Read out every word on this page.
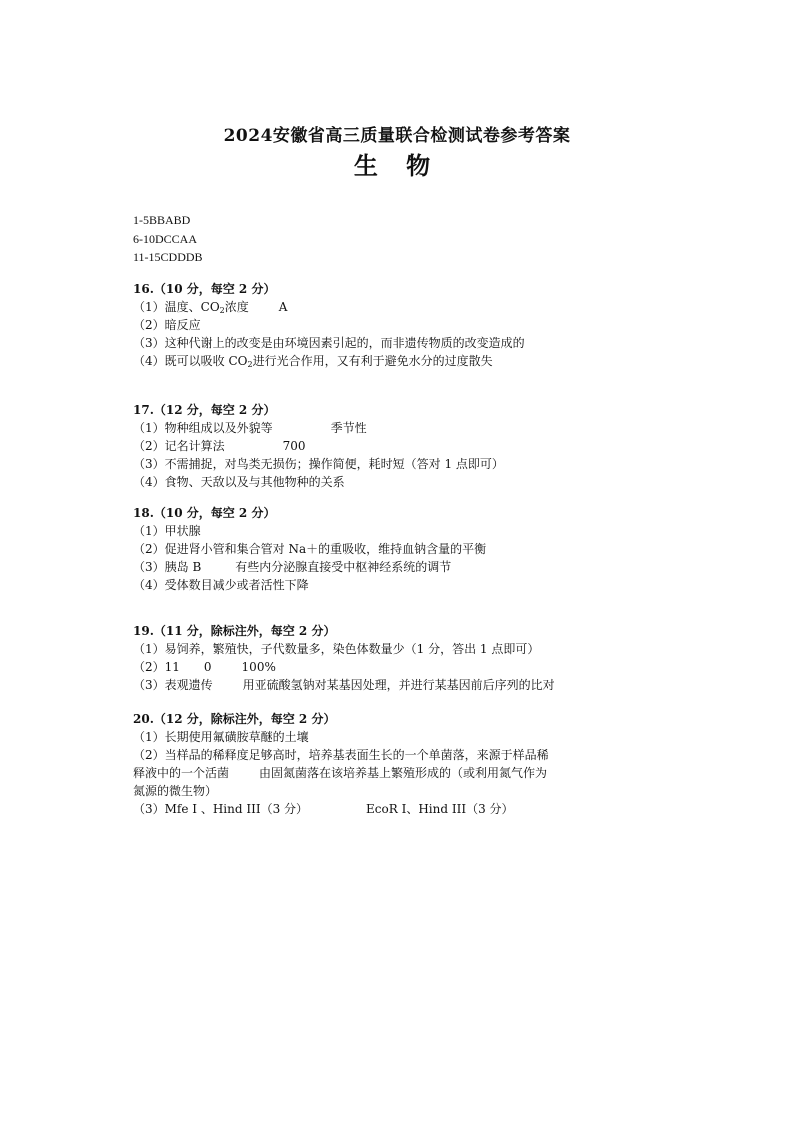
2024安徽省高三质量联合检测试卷参考答案
生 物
1-5BBABD
6-10DCCAA
11-15CDDDB
16.（10 分，每空 2 分）
（1）温度、$CO_2$浓度	A
（2）暗反应
（3）这种代谢上的改变是由环境因素引起的，而非遗传物质的改变造成的
（4）既可以吸收 $CO_2$进行光合作用，又有利于避免水分的过度散失
17.（12 分，每空 2 分）
（1）物种组成以及外貌等	季节性
（2）记名计算法	700
（3）不需捕捉，对鸟类无损伤；操作简便，耗时短（答对 1 点即可）
（4）食物、天敌以及与其他物种的关系
18.（10 分，每空 2 分）
（1）甲状腺
（2）促进肾小管和集合管对 Na＋的重吸收，维持血钠含量的平衡
（3）胰岛 B	有些内分泌腺直接受中枢神经系统的调节
（4）受体数目减少或者活性下降
19.（11 分，除标注外，每空 2 分）
（1）易饲养，繁殖快，子代数量多，染色体数量少（1 分，答出 1 点即可）
（2）11 0	100%
（3）表观遗传	用亚硫酸氢钠对某基因处理，并进行某基因前后序列的比对
20.（12 分，除标注外，每空 2 分）
（1）长期使用氟磺胺草醚的土壤
（2）当样品的稀释度足够高时，培养基表面生长的一个单菌落，来源于样品稀
释液中的一个活菌	由固氮菌落在该培养基上繁殖形成的（或利用氮气作为
氮源的微生物）
（3）Mfe I 、Hind III（3 分）	EcoR I、Hind III（3 分）
